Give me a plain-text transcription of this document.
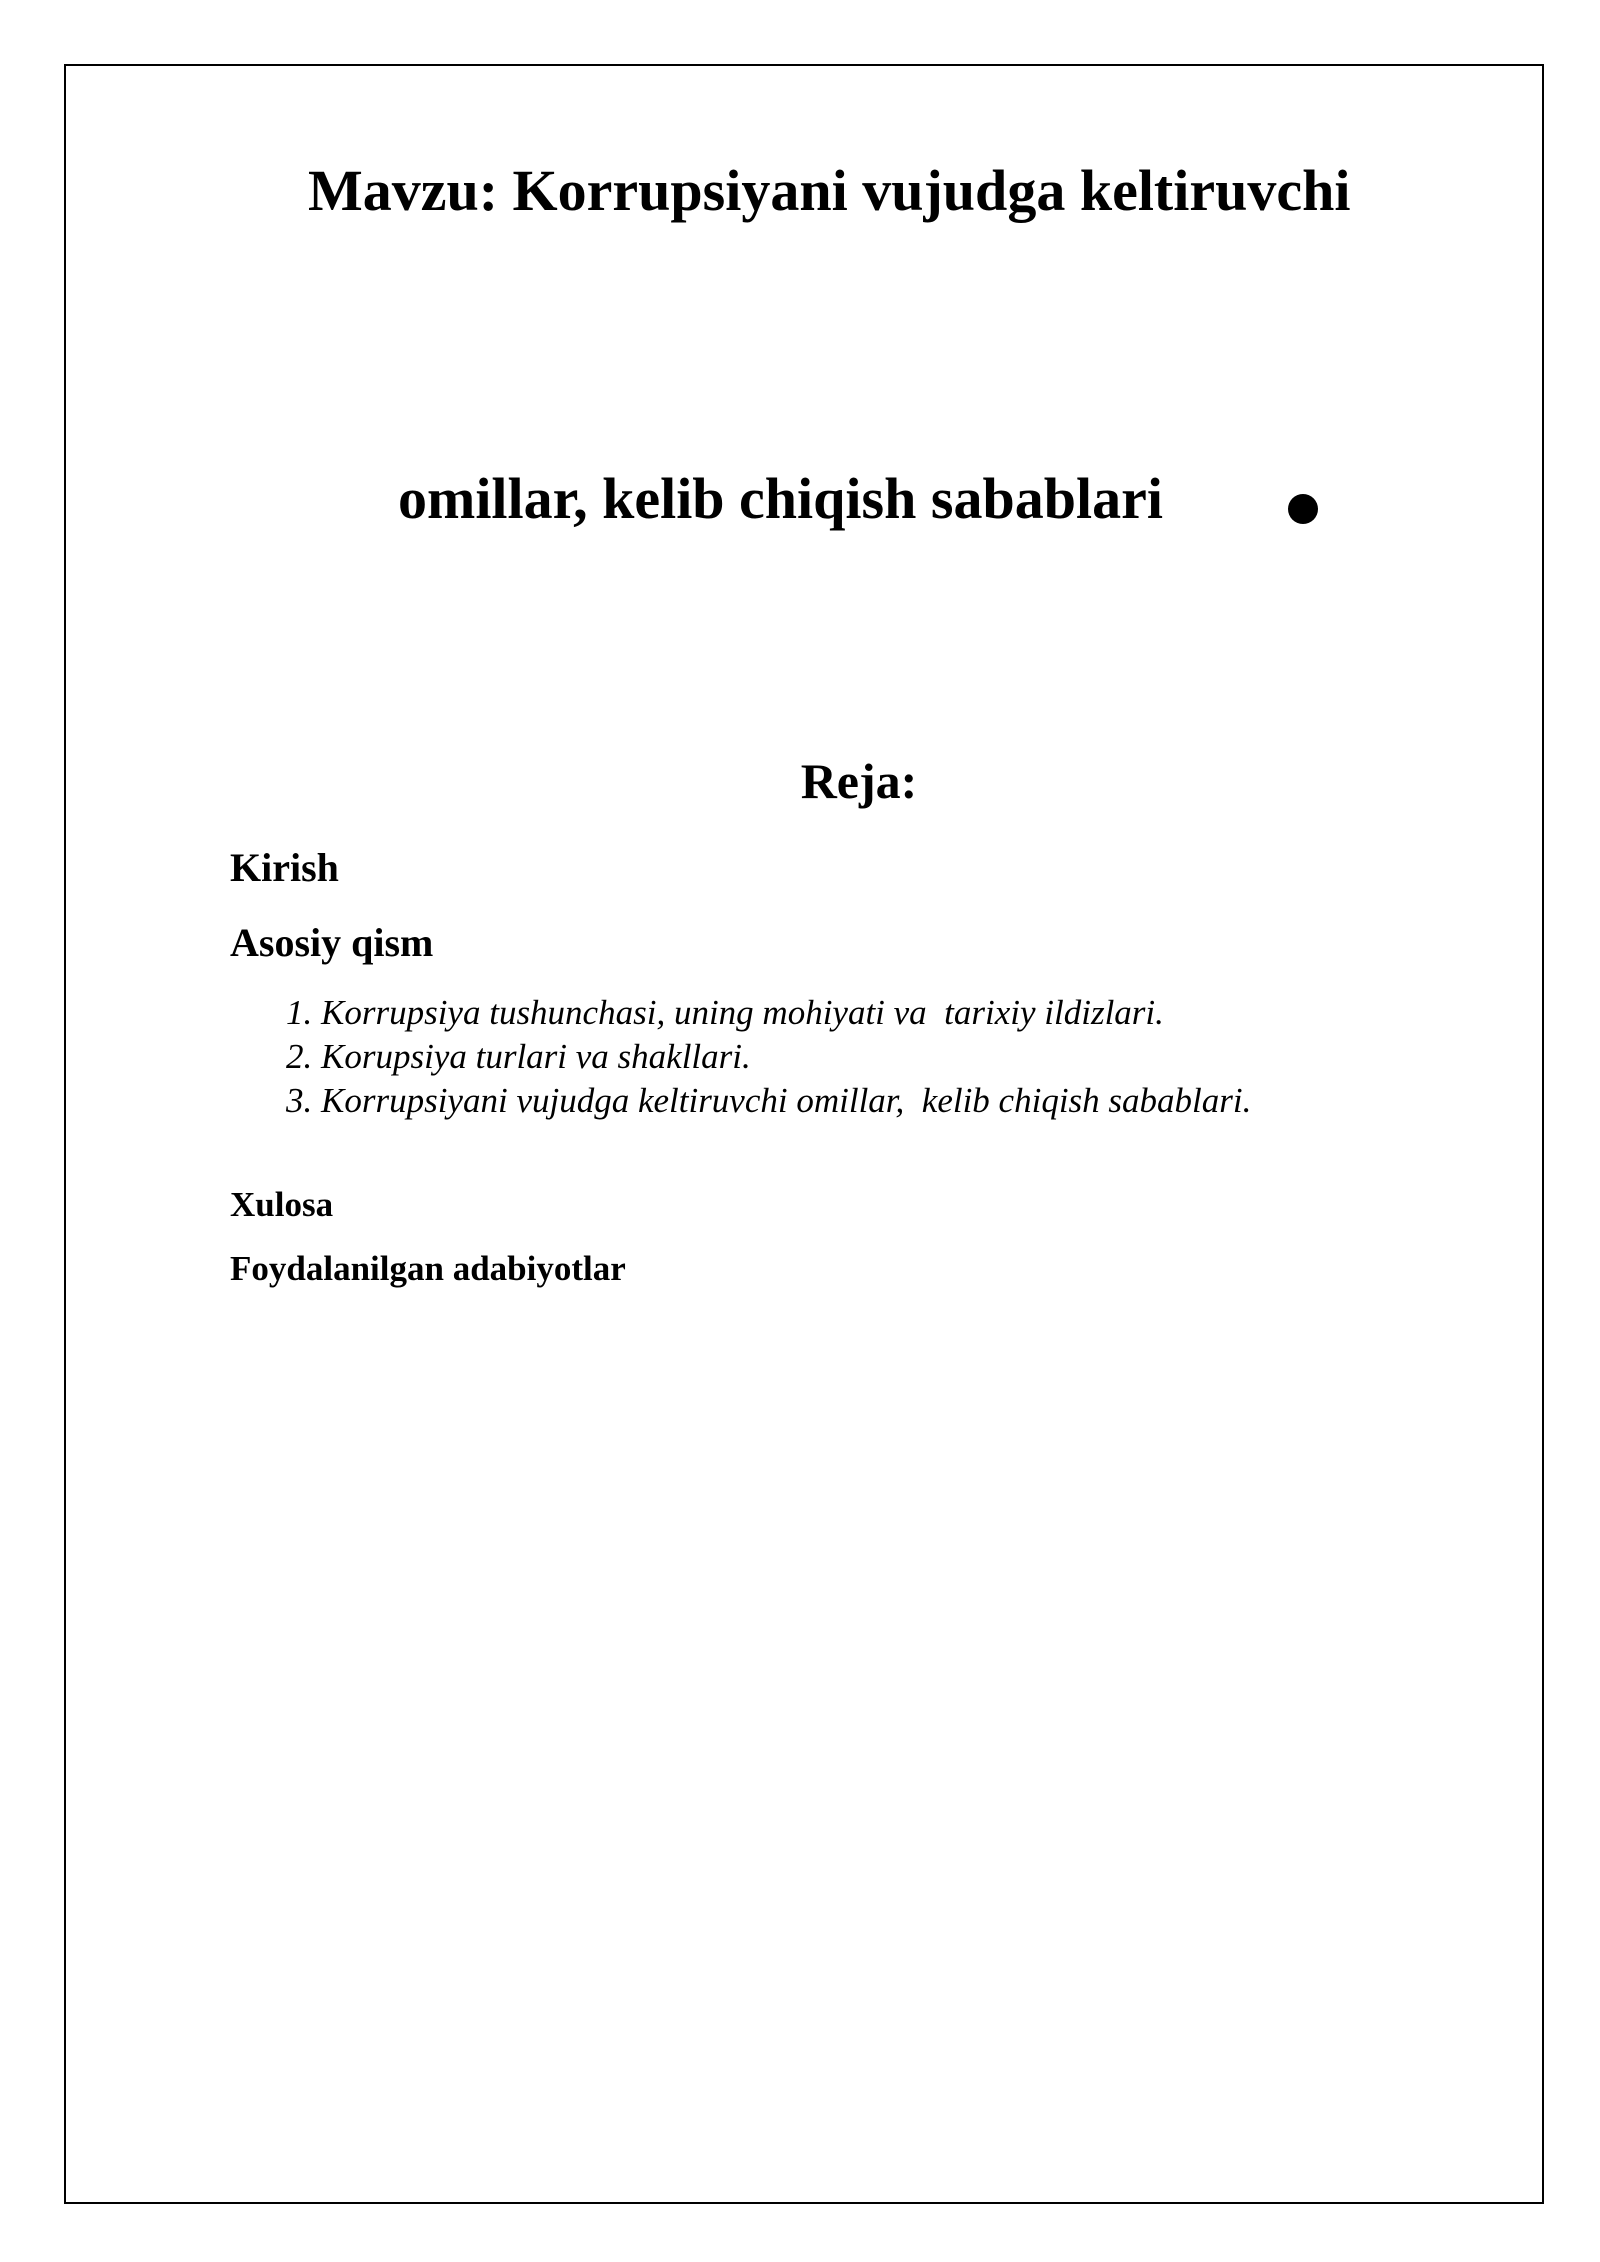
Mavzu: Korrupsiyani vujudga keltiruvchi
omillar, kelib chiqish sabablari
Reja:
Kirish
Asosiy qism
1. Korrupsiya tushunchasi, uning mohiyati va  tarixiy ildizlari.
2. Korupsiya turlari va shakllari.
3. Korrupsiyani vujudga keltiruvchi omillar,  kelib chiqish sabablari.
Xulosa
Foydalanilgan adabiyotlar
